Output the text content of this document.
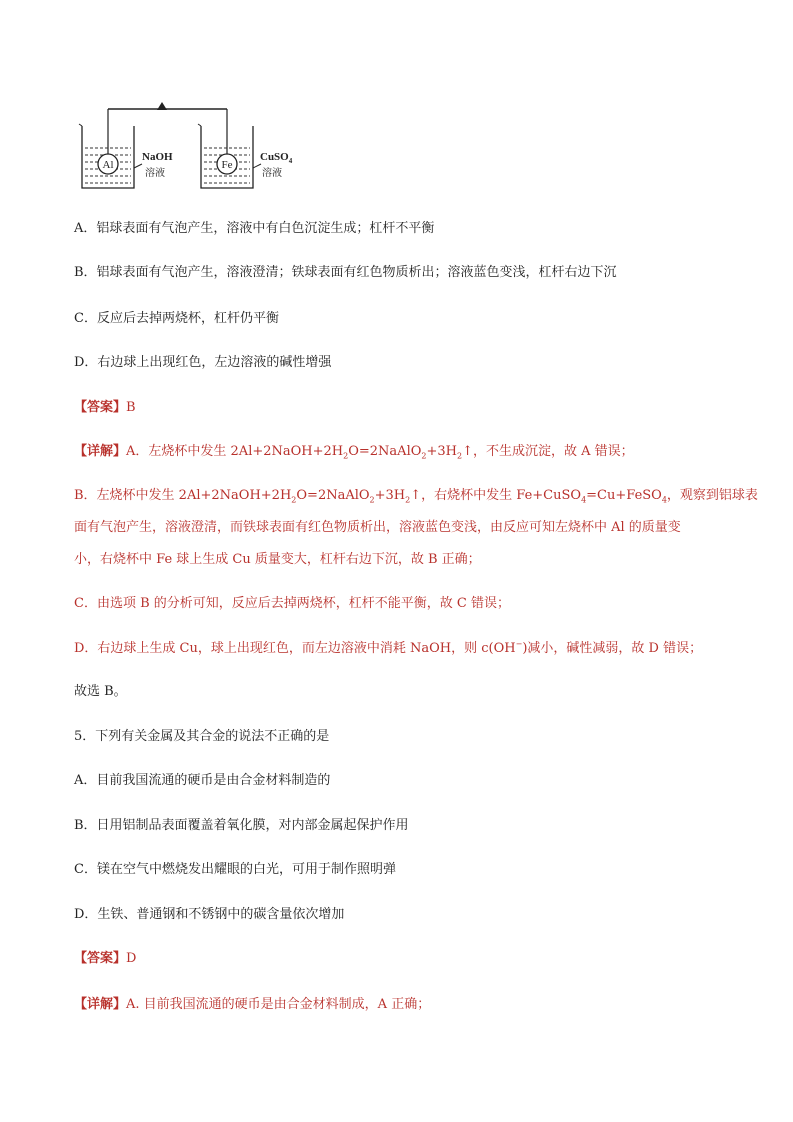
Al
NaOH
溶液
Fe
CuSO$_4$
溶液
A．铝球表面有气泡产生，溶液中有白色沉淀生成；杠杆不平衡
B．铝球表面有气泡产生，溶液澄清；铁球表面有红色物质析出；溶液蓝色变浅，杠杆右边下沉
C．反应后去掉两烧杯，杠杆仍平衡
D．右边球上出现红色，左边溶液的碱性增强
【答案】B
【详解】A．左烧杯中发生 $2Al+2NaOH+2H_2O=2NaAlO_2+3H_2↑$，不生成沉淀，故 A 错误；
B．左烧杯中发生 $2Al+2NaOH+2H_2O=2NaAlO_2+3H_2↑$，右烧杯中发生 Fe+CuSO$_4$=Cu+FeSO$_4$，观察到铝球表
面有气泡产生，溶液澄清，而铁球表面有红色物质析出，溶液蓝色变浅，由反应可知左烧杯中 Al 的质量变
小，右烧杯中 Fe 球上生成 Cu 质量变大，杠杆右边下沉，故 B 正确；
C．由选项 B 的分析可知，反应后去掉两烧杯，杠杆不能平衡，故 C 错误；
D．右边球上生成 Cu，球上出现红色，而左边溶液中消耗 NaOH，则 c(OH−)减小，碱性减弱，故 D 错误；
故选 B。
5．下列有关金属及其合金的说法不正确的是
A．目前我国流通的硬币是由合金材料制造的
B．日用铝制品表面覆盖着氧化膜，对内部金属起保护作用
C．镁在空气中燃烧发出耀眼的白光，可用于制作照明弹
D．生铁、普通钢和不锈钢中的碳含量依次增加
【答案】D
【详解】A. 目前我国流通的硬币是由合金材料制成，A 正确；
